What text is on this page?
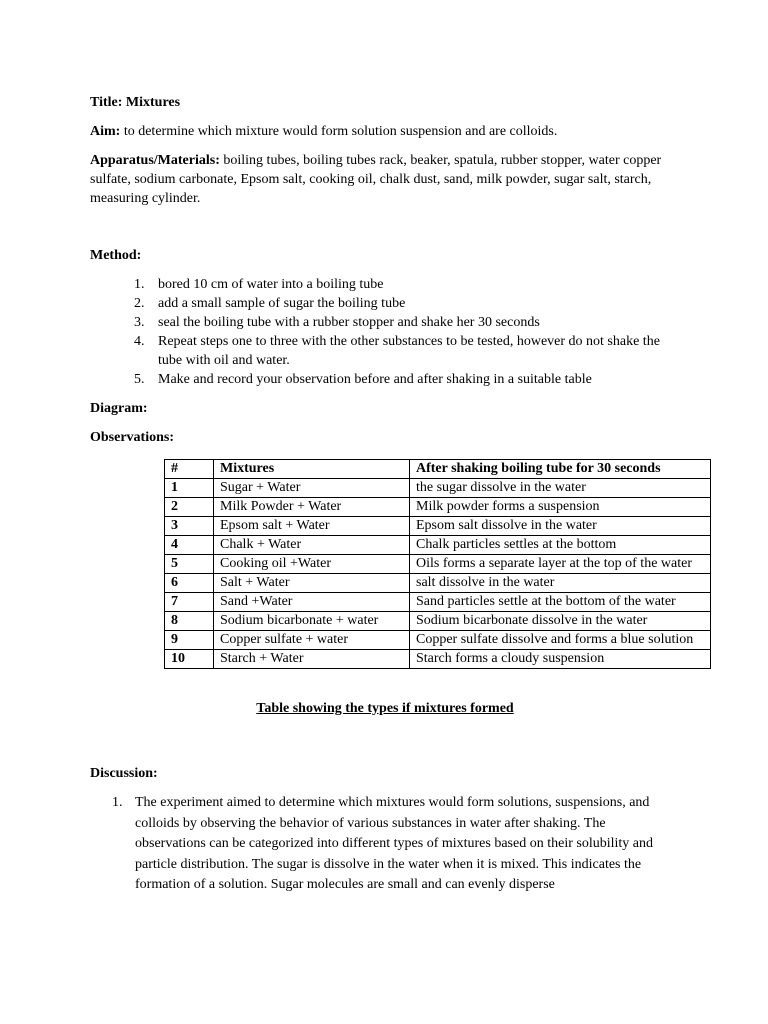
Title: Mixtures

Aim: to determine which mixture would form solution suspension and are colloids.

Apparatus/Materials: boiling tubes, boiling tubes rack, beaker, spatula, rubber stopper, water copper sulfate, sodium carbonate, Epsom salt, cooking oil, chalk dust, sand, milk powder, sugar salt, starch, measuring cylinder.

Method:

1. bored 10 cm of water into a boiling tube
2. add a small sample of sugar the boiling tube
3. seal the boiling tube with a rubber stopper and shake her 30 seconds
4. Repeat steps one to three with the other substances to be tested, however do not shake the tube with oil and water.
5. Make and record your observation before and after shaking in a suitable table

Diagram:

Observations:

#	Mixtures	After shaking boiling tube for 30 seconds
1	Sugar + Water	the sugar dissolve in the water
2	Milk Powder + Water	Milk powder forms a suspension
3	Epsom salt + Water	Epsom salt dissolve in the water
4	Chalk + Water	Chalk particles settles at the bottom
5	Cooking oil +Water	Oils forms a separate layer at the top of the water
6	Salt + Water	salt dissolve in the water
7	Sand +Water	Sand particles settle at the bottom of the water
8	Sodium bicarbonate + water	Sodium bicarbonate dissolve in the water
9	Copper sulfate + water	Copper sulfate dissolve and forms a blue solution
10	Starch + Water	Starch forms a cloudy suspension

Table showing the types if mixtures formed

Discussion:

1. The experiment aimed to determine which mixtures would form solutions, suspensions, and colloids by observing the behavior of various substances in water after shaking. The observations can be categorized into different types of mixtures based on their solubility and particle distribution. The sugar is dissolve in the water when it is mixed. This indicates the formation of a solution. Sugar molecules are small and can evenly disperse
